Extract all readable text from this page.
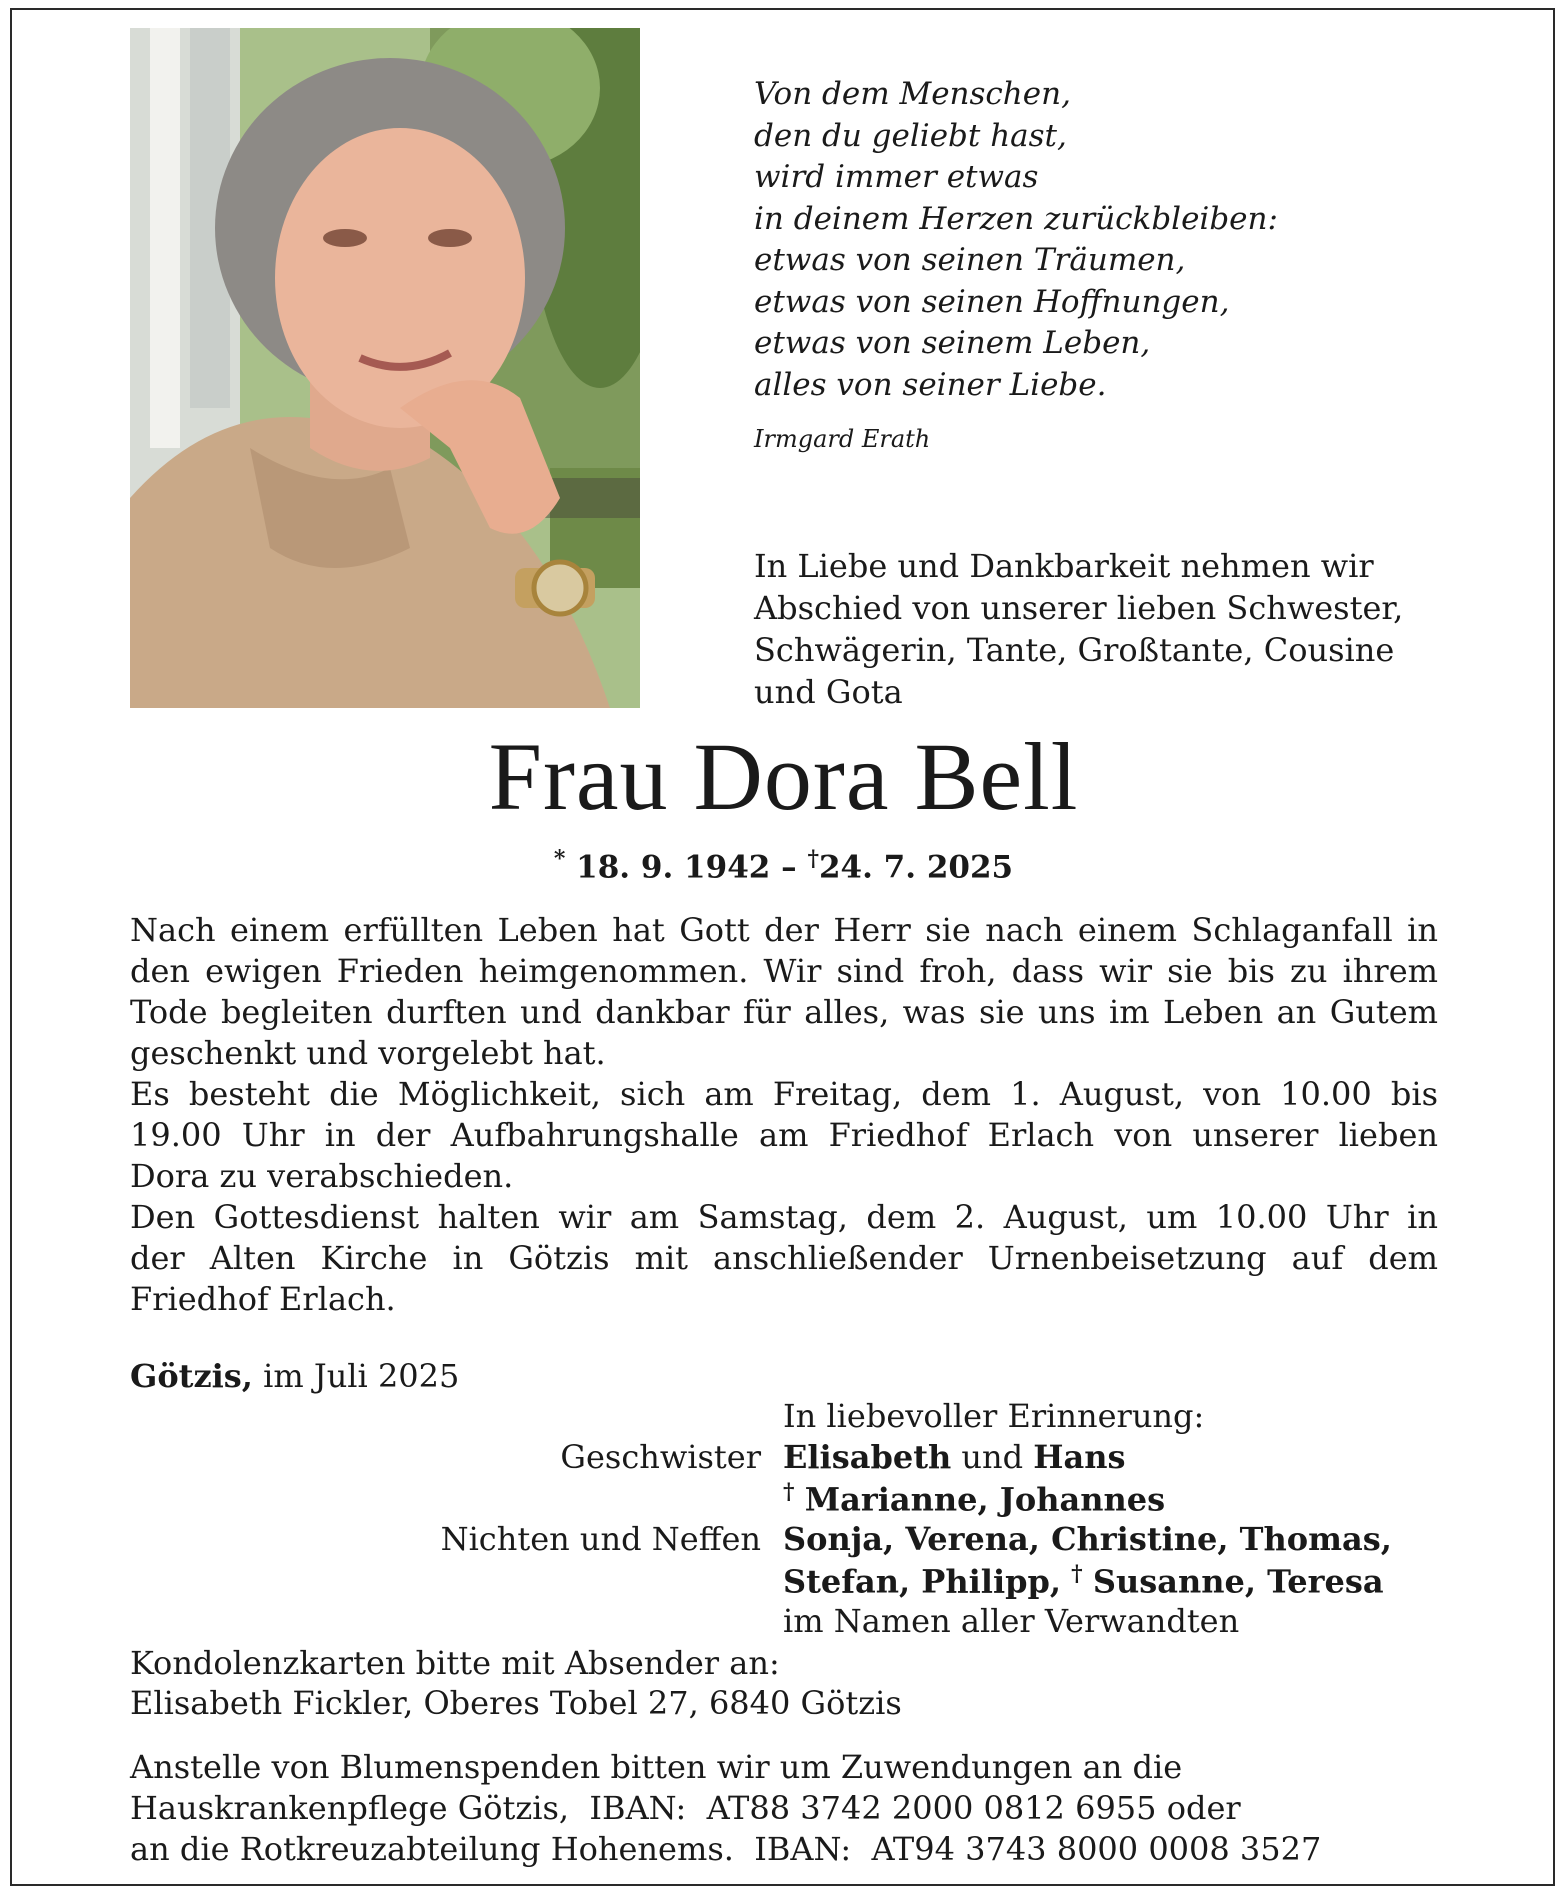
Von dem Menschen,
den du geliebt hast,
wird immer etwas
in deinem Herzen zurückbleiben:
etwas von seinen Träumen,
etwas von seinen Hoffnungen,
etwas von seinem Leben,
alles von seiner Liebe.
Irmgard Erath
In Liebe und Dankbarkeit nehmen wir
Abschied von unserer lieben Schwester,
Schwägerin, Tante, Großtante, Cousine
und Gota
Frau Dora Bell
* 18. 9. 1942 – †24. 7. 2025
Nach einem erfüllten Leben hat Gott der Herr sie nach einem Schlaganfall in
den ewigen Frieden heimgenommen. Wir sind froh, dass wir sie bis zu ihrem
Tode begleiten durften und dankbar für alles, was sie uns im Leben an Gutem
geschenkt und vorgelebt hat.
Es besteht die Möglichkeit, sich am Freitag, dem 1. August, von 10.00 bis
19.00 Uhr in der Aufbahrungshalle am Friedhof Erlach von unserer lieben
Dora zu verabschieden.
Den Gottesdienst halten wir am Samstag, dem 2. August, um 10.00 Uhr in
der Alten Kirche in Götzis mit anschließender Urnenbeisetzung auf dem
Friedhof Erlach.
Götzis, im Juli 2025
In liebevoller Erinnerung:
Geschwister Elisabeth und Hans
† Marianne, Johannes
Nichten und Neffen Sonja, Verena, Christine, Thomas,
Stefan, Philipp, † Susanne, Teresa
im Namen aller Verwandten
Kondolenzkarten bitte mit Absender an:
Elisabeth Fickler, Oberes Tobel 27, 6840 Götzis
Anstelle von Blumenspenden bitten wir um Zuwendungen an die
Hauskrankenpflege Götzis,  IBAN:  AT88 3742 2000 0812 6955 oder
an die Rotkreuzabteilung Hohenems.  IBAN:  AT94 3743 8000 0008 3527
